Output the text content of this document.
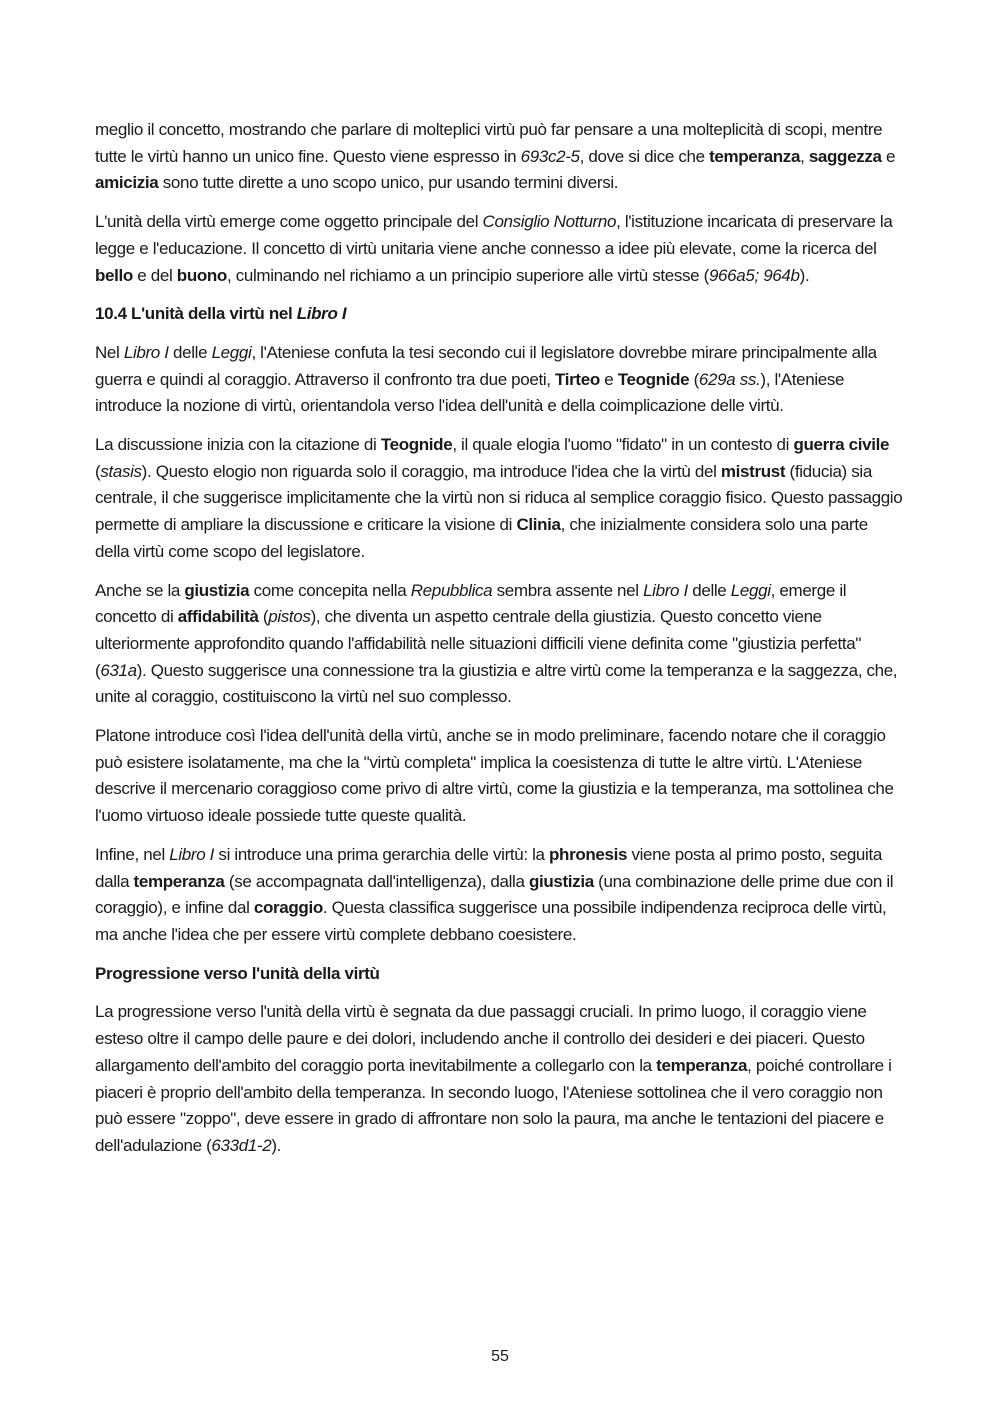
meglio il concetto, mostrando che parlare di molteplici virtù può far pensare a una molteplicità di scopi, mentre tutte le virtù hanno un unico fine. Questo viene espresso in 693c2-5, dove si dice che temperanza, saggezza e amicizia sono tutte dirette a uno scopo unico, pur usando termini diversi.

L'unità della virtù emerge come oggetto principale del Consiglio Notturno, l'istituzione incaricata di preservare la legge e l'educazione. Il concetto di virtù unitaria viene anche connesso a idee più elevate, come la ricerca del bello e del buono, culminando nel richiamo a un principio superiore alle virtù stesse (966a5; 964b).

10.4 L'unità della virtù nel Libro I

Nel Libro I delle Leggi, l'Ateniese confuta la tesi secondo cui il legislatore dovrebbe mirare principalmente alla guerra e quindi al coraggio. Attraverso il confronto tra due poeti, Tirteo e Teognide (629a ss.), l'Ateniese introduce la nozione di virtù, orientandola verso l'idea dell'unità e della coimplicazione delle virtù.

La discussione inizia con la citazione di Teognide, il quale elogia l'uomo "fidato" in un contesto di guerra civile (stasis). Questo elogio non riguarda solo il coraggio, ma introduce l'idea che la virtù del mistrust (fiducia) sia centrale, il che suggerisce implicitamente che la virtù non si riduca al semplice coraggio fisico. Questo passaggio permette di ampliare la discussione e criticare la visione di Clinia, che inizialmente considera solo una parte della virtù come scopo del legislatore.

Anche se la giustizia come concepita nella Repubblica sembra assente nel Libro I delle Leggi, emerge il concetto di affidabilità (pistos), che diventa un aspetto centrale della giustizia. Questo concetto viene ulteriormente approfondito quando l'affidabilità nelle situazioni difficili viene definita come "giustizia perfetta" (631a). Questo suggerisce una connessione tra la giustizia e altre virtù come la temperanza e la saggezza, che, unite al coraggio, costituiscono la virtù nel suo complesso.

Platone introduce così l'idea dell'unità della virtù, anche se in modo preliminare, facendo notare che il coraggio può esistere isolatamente, ma che la "virtù completa" implica la coesistenza di tutte le altre virtù. L'Ateniese descrive il mercenario coraggioso come privo di altre virtù, come la giustizia e la temperanza, ma sottolinea che l'uomo virtuoso ideale possiede tutte queste qualità.

Infine, nel Libro I si introduce una prima gerarchia delle virtù: la phronesis viene posta al primo posto, seguita dalla temperanza (se accompagnata dall'intelligenza), dalla giustizia (una combinazione delle prime due con il coraggio), e infine dal coraggio. Questa classifica suggerisce una possibile indipendenza reciproca delle virtù, ma anche l'idea che per essere virtù complete debbano coesistere.

Progressione verso l'unità della virtù

La progressione verso l'unità della virtù è segnata da due passaggi cruciali. In primo luogo, il coraggio viene esteso oltre il campo delle paure e dei dolori, includendo anche il controllo dei desideri e dei piaceri. Questo allargamento dell'ambito del coraggio porta inevitabilmente a collegarlo con la temperanza, poiché controllare i piaceri è proprio dell'ambito della temperanza. In secondo luogo, l'Ateniese sottolinea che il vero coraggio non può essere "zoppo", deve essere in grado di affrontare non solo la paura, ma anche le tentazioni del piacere e dell'adulazione (633d1-2).

55
